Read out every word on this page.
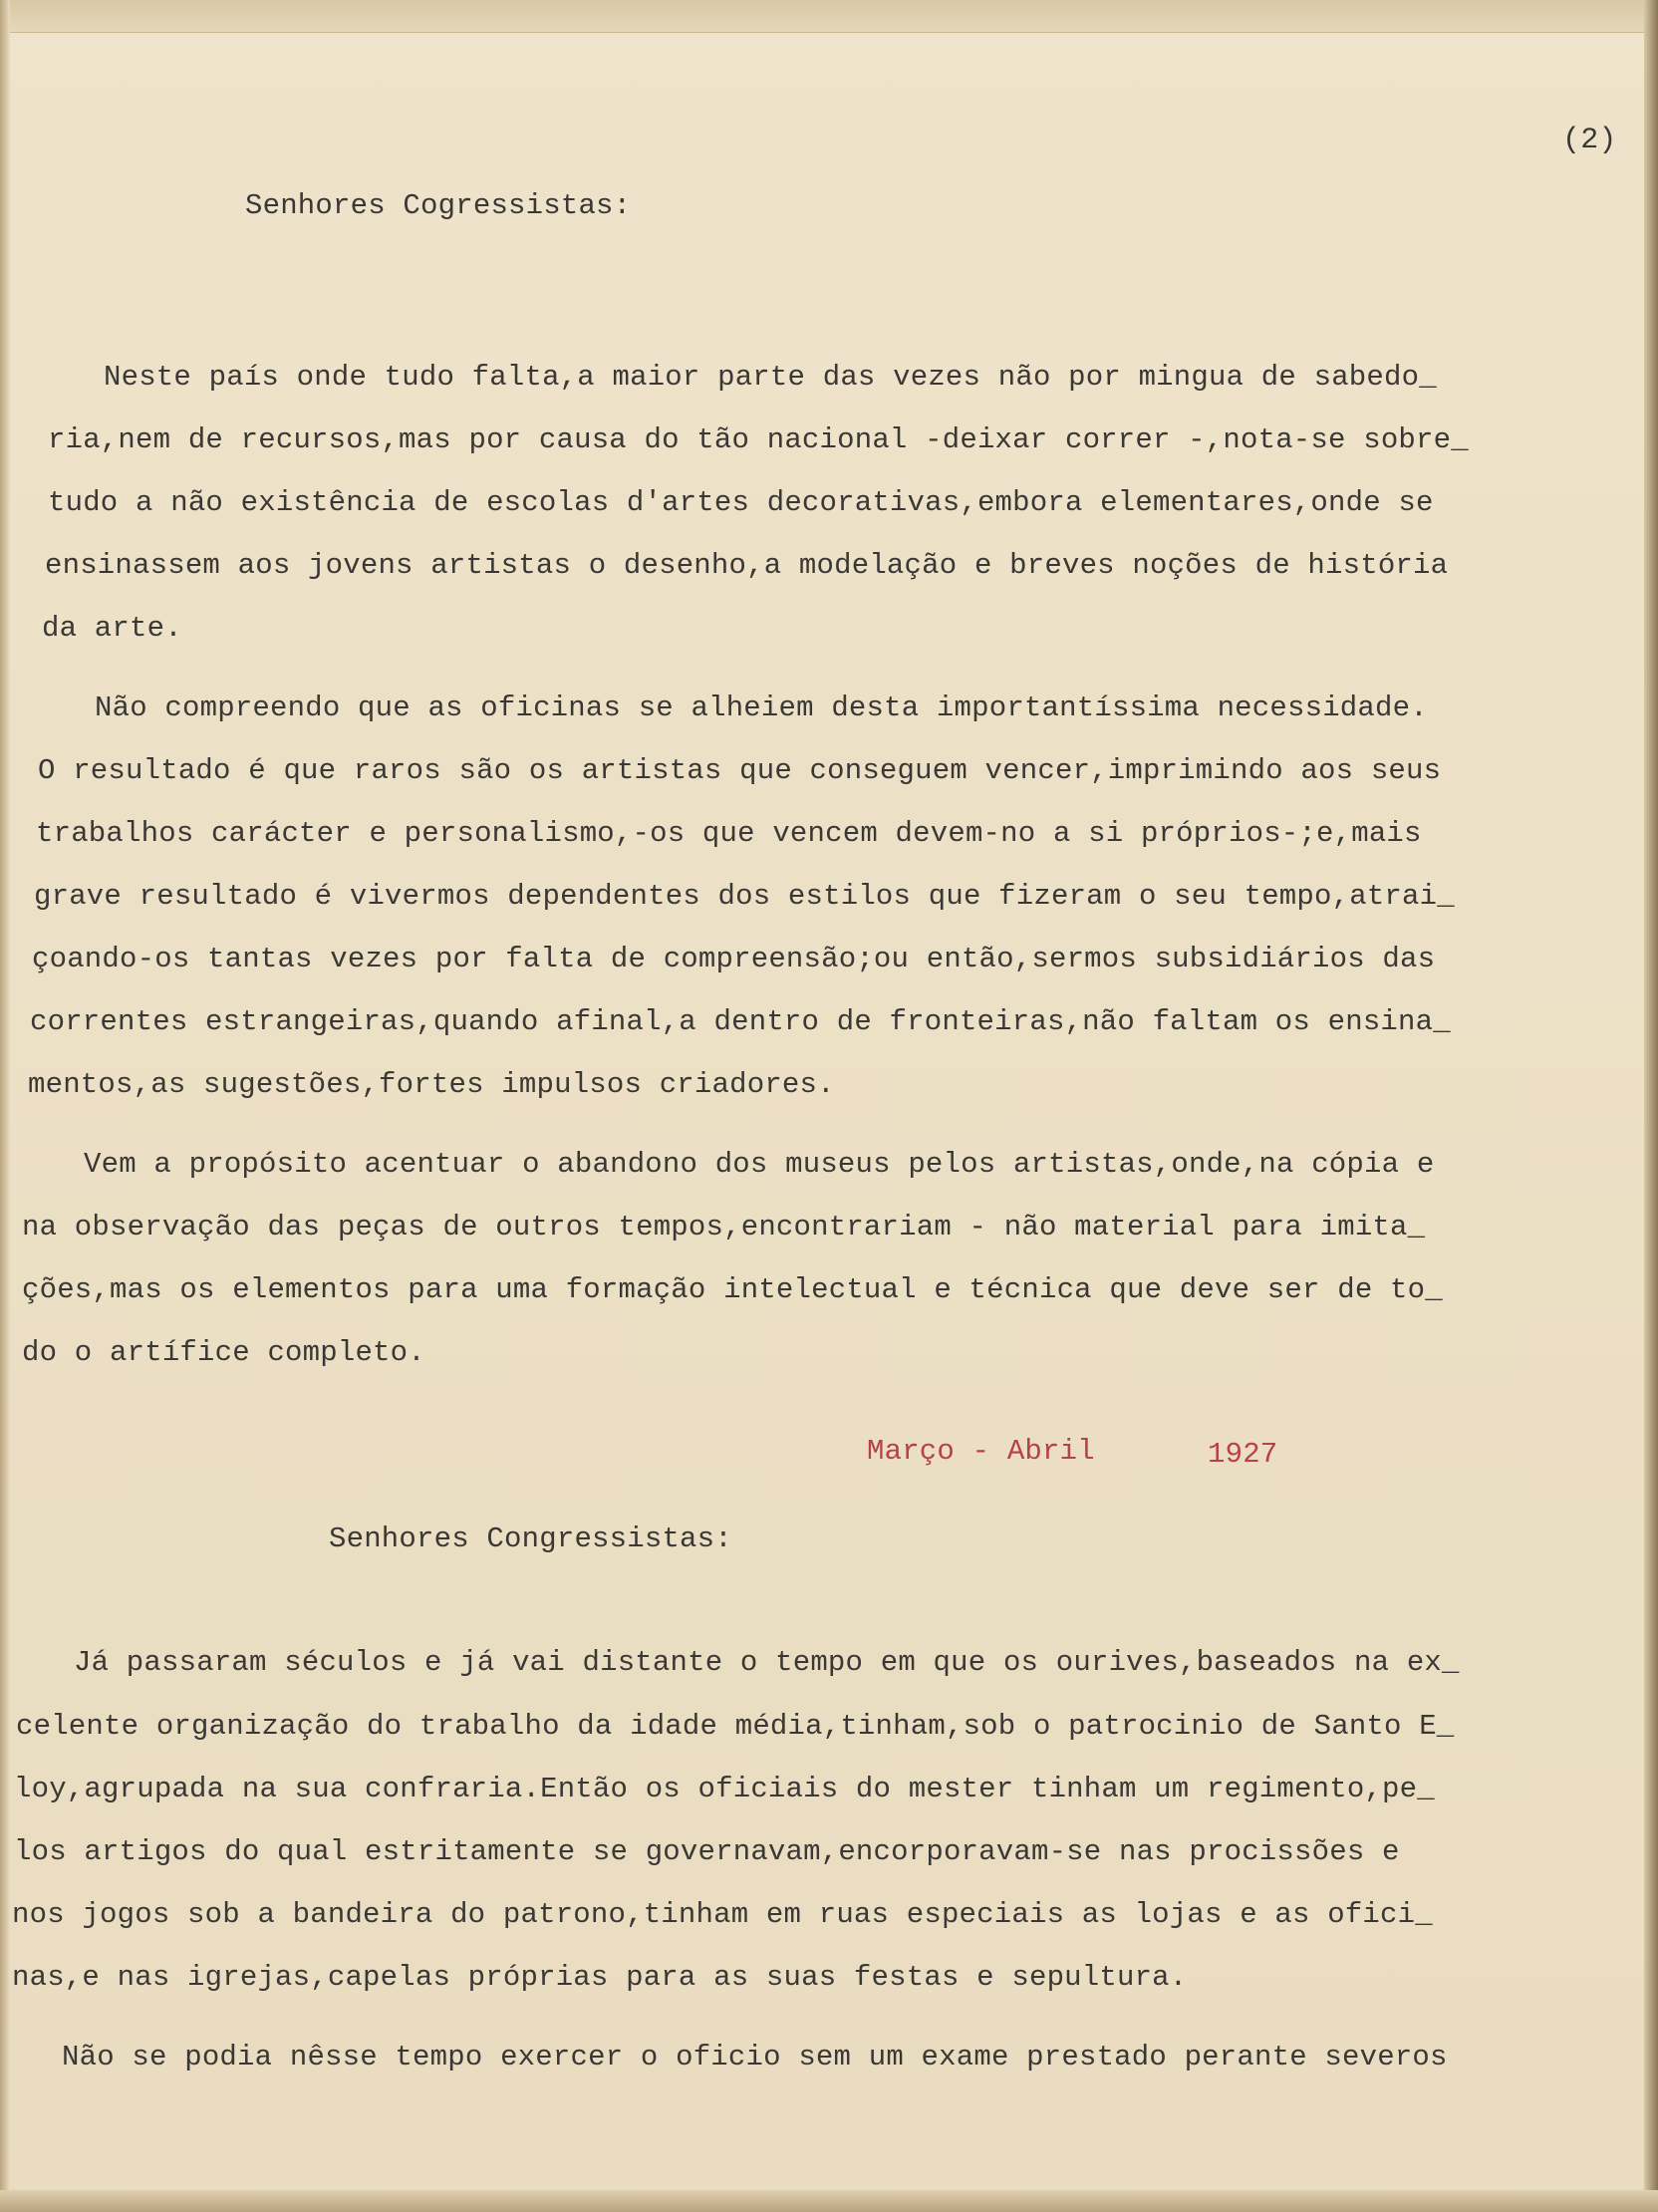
(2)
Senhores Cogressistas:
Neste país onde tudo falta,a maior parte das vezes não por mingua de sabedo_
ria,nem de recursos,mas por causa do tão nacional -deixar correr -,nota-se sobre_
tudo a não existência de escolas d'artes decorativas,embora elementares,onde se
ensinassem aos jovens artistas o desenho,a modelação e breves noções de história
da arte.
Não compreendo que as oficinas se alheiem desta importantíssima necessidade.
O resultado é que raros são os artistas que conseguem vencer,imprimindo aos seus
trabalhos carácter e personalismo,-os que vencem devem-no a si próprios-;e,mais
grave resultado é vivermos dependentes dos estilos que fizeram o seu tempo,atrai_
çoando-os tantas vezes por falta de compreensão;ou então,sermos subsidiários das
correntes estrangeiras,quando afinal,a dentro de fronteiras,não faltam os ensina_
mentos,as sugestões,fortes impulsos criadores.
Vem a propósito acentuar o abandono dos museus pelos artistas,onde,na cópia e
na observação das peças de outros tempos,encontrariam - não material para imita_
ções,mas os elementos para uma formação intelectual e técnica que deve ser de to_
do o artífice completo.
Março - Abril	1927
Senhores Congressistas:
Já passaram séculos e já vai distante o tempo em que os ourives,baseados na ex_
celente organização do trabalho da idade média,tinham,sob o patrocinio de Santo E_
loy,agrupada na sua confraria.Então os oficiais do mester tinham um regimento,pe_
los artigos do qual estritamente se governavam,encorporavam-se nas procissões e
nos jogos sob a bandeira do patrono,tinham em ruas especiais as lojas e as ofici_
nas,e nas igrejas,capelas próprias para as suas festas e sepultura.
Não se podia nêsse tempo exercer o oficio sem um exame prestado perante severos
